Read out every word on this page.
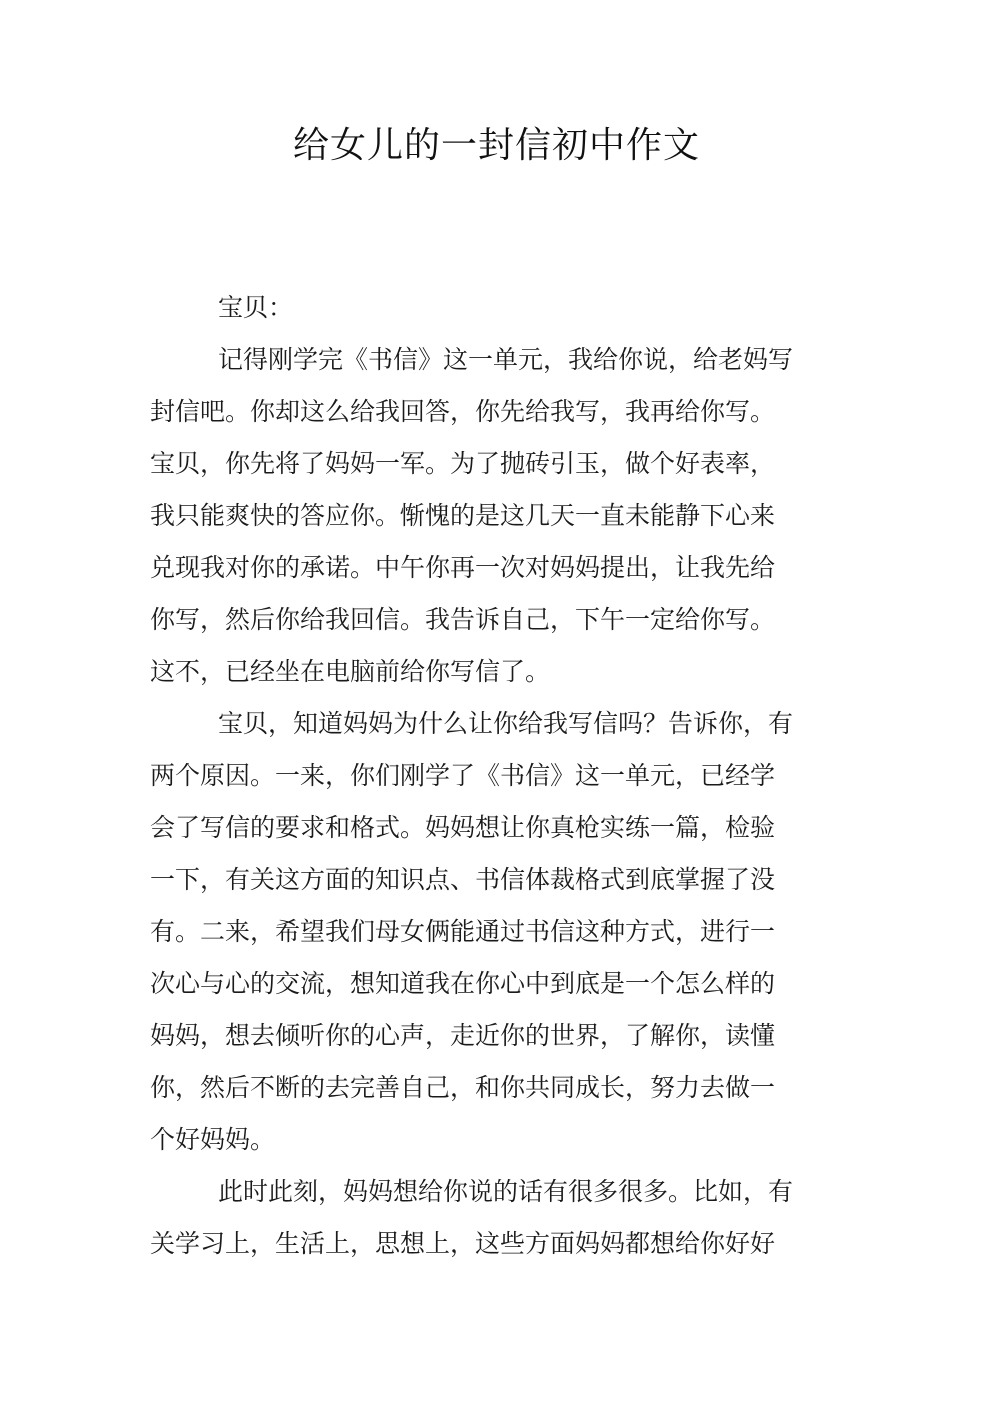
给女儿的一封信初中作文
宝贝：
记得刚学完《书信》这一单元，我给你说，给老妈写
封信吧。你却这么给我回答，你先给我写，我再给你写。
宝贝，你先将了妈妈一军。为了抛砖引玉，做个好表率，
我只能爽快的答应你。惭愧的是这几天一直未能静下心来
兑现我对你的承诺。中午你再一次对妈妈提出，让我先给
你写，然后你给我回信。我告诉自己，下午一定给你写。
这不，已经坐在电脑前给你写信了。
宝贝，知道妈妈为什么让你给我写信吗？告诉你，有
两个原因。一来，你们刚学了《书信》这一单元，已经学
会了写信的要求和格式。妈妈想让你真枪实练一篇，检验
一下，有关这方面的知识点、书信体裁格式到底掌握了没
有。二来，希望我们母女俩能通过书信这种方式，进行一
次心与心的交流，想知道我在你心中到底是一个怎么样的
妈妈，想去倾听你的心声，走近你的世界，了解你，读懂
你，然后不断的去完善自己，和你共同成长，努力去做一
个好妈妈。
此时此刻，妈妈想给你说的话有很多很多。比如，有
关学习上，生活上，思想上，这些方面妈妈都想给你好好
